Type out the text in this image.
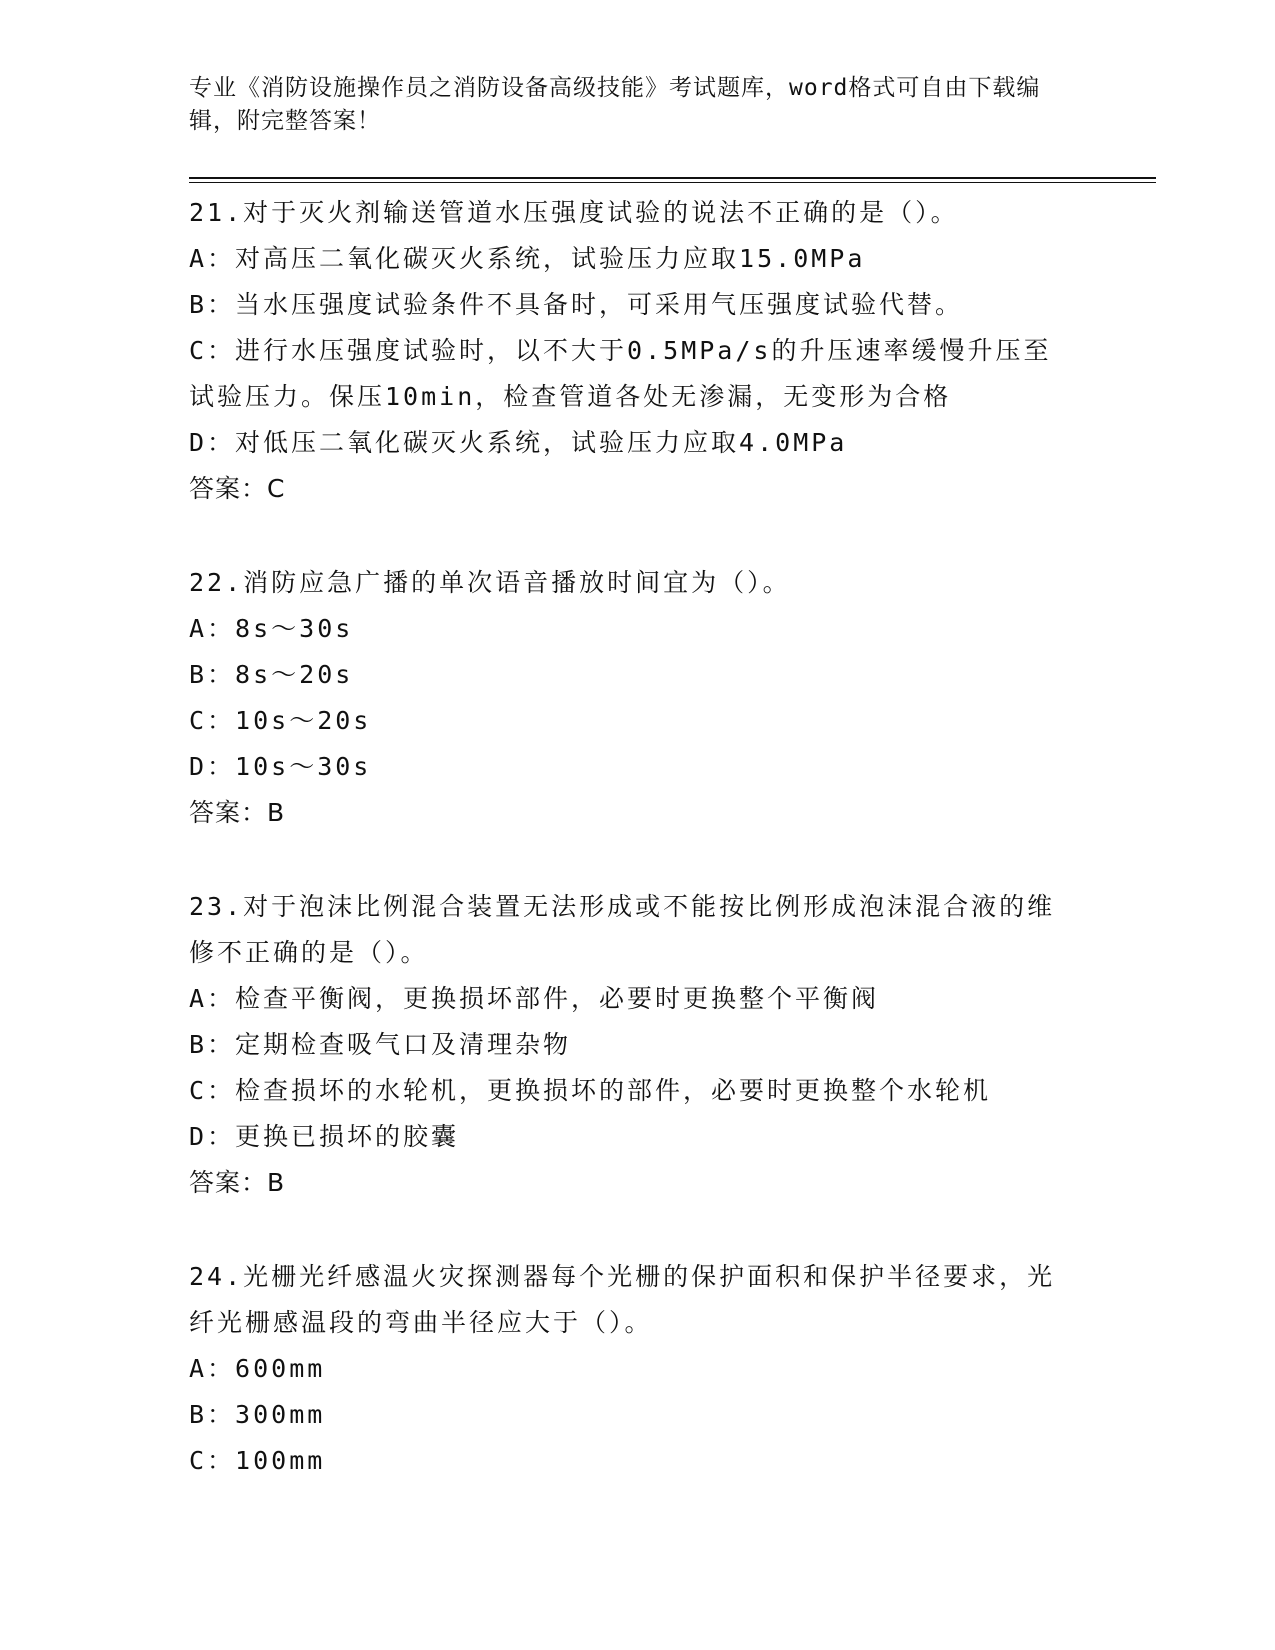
专业《消防设施操作员之消防设备高级技能》考试题库，word格式可自由下载编
辑，附完整答案！
21.对于灭火剂输送管道水压强度试验的说法不正确的是（）。
A：对高压二氧化碳灭火系统，试验压力应取15.0MPa
B：当水压强度试验条件不具备时，可采用气压强度试验代替。
C：进行水压强度试验时，以不大于0.5MPa/s的升压速率缓慢升压至
试验压力。保压10min，检查管道各处无渗漏，无变形为合格
D：对低压二氧化碳灭火系统，试验压力应取4.0MPa
答案：C
22.消防应急广播的单次语音播放时间宜为（）。
A：8s～30s
B：8s～20s
C：10s～20s
D：10s～30s
答案：B
23.对于泡沫比例混合装置无法形成或不能按比例形成泡沫混合液的维
修不正确的是（）。
A：检查平衡阀，更换损坏部件，必要时更换整个平衡阀
B：定期检查吸气口及清理杂物
C：检查损坏的水轮机，更换损坏的部件，必要时更换整个水轮机
D：更换已损坏的胶囊
答案：B
24.光栅光纤感温火灾探测器每个光栅的保护面积和保护半径要求，光
纤光栅感温段的弯曲半径应大于（）。
A：600mm
B：300mm
C：100mm
